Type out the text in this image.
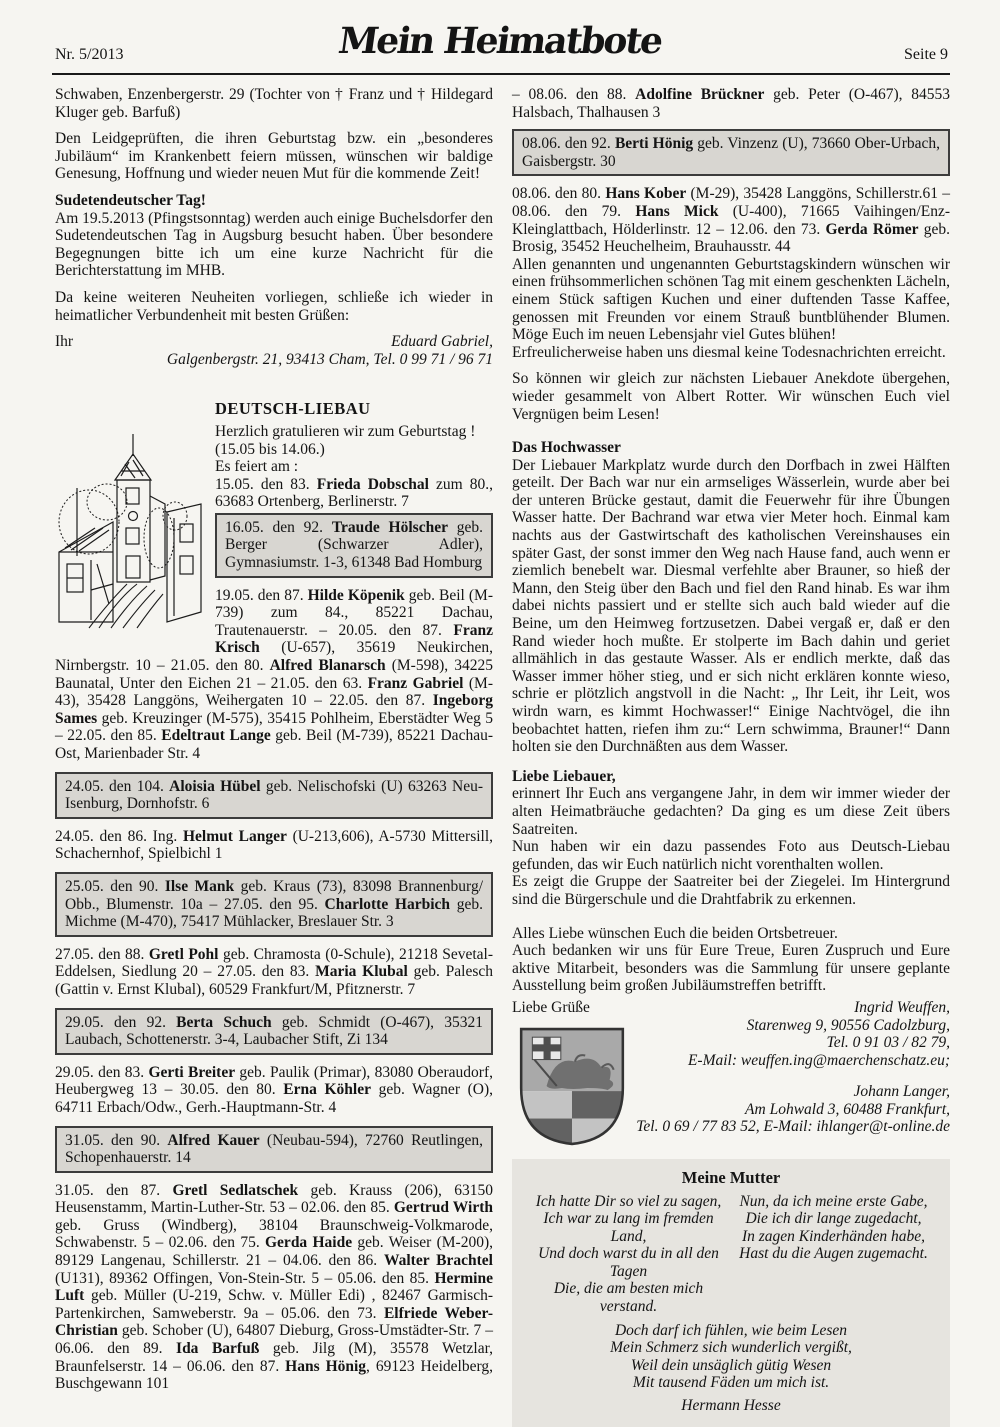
Nr. 5/2013	Mein Heimatbote	Seite 9

Schwaben, Enzenbergerstr. 29 (Tochter von † Franz und † Hildegard Kluger geb. Barfuß)

Den Leidgeprüften, die ihren Geburtstag bzw. ein „besonderes Jubiläum“ im Krankenbett feiern müssen, wünschen wir baldige Genesung, Hoffnung und wieder neuen Mut für die kommende Zeit!

Sudetendeutscher Tag!

Am 19.5.2013 (Pfingstsonntag) werden auch einige Buchelsdorfer den Sudetendeutschen Tag in Augsburg besucht haben. Über besondere Begegnungen bitte ich um eine kurze Nachricht für die Berichterstattung im MHB.

Da keine weiteren Neuheiten vorliegen, schließe ich wieder in heimatlicher Verbundenheit mit besten Grüßen:

Ihr	Eduard Gabriel,
Galgenbergstr. 21, 93413 Cham, Tel. 0 99 71 / 96 71
DEUTSCH-LIEBAU
Herzlich gratulieren wir zum Geburtstag !
(15.05 bis 14.06.)
Es feiert am :

15.05. den 83. Frieda Dobschal zum 80., 63683 Ortenberg, Berlinerstr. 7

16.05. den 92. Traude Hölscher geb. Berger (Schwarzer Adler), Gymnasiumstr. 1-3, 61348 Bad Homburg

19.05. den 87. Hilde Köpenik geb. Beil (M-739) zum 84., 85221 Dachau, Trautenauerstr. – 20.05. den 87. Franz Krisch (U-657), 35619 Neukirchen, Nirnbergstr. 10 – 21.05. den 80. Alfred Blanarsch (M-598), 34225 Baunatal, Unter den Eichen 21 – 21.05. den 63. Franz Gabriel (M-43), 35428 Langgöns, Weihergaten 10 – 22.05. den 87. Ingeborg Sames geb. Kreuzinger (M-575), 35415 Pohlheim, Eberstädter Weg 5 – 22.05. den 85. Edeltraut Lange geb. Beil (M-739), 85221 Dachau-Ost, Marienbader Str. 4

24.05. den 104. Aloisia Hübel geb. Nelischofski (U) 63263 Neu-Isenburg, Dornhofstr. 6

24.05. den 86. Ing. Helmut Langer (U-213,606), A-5730 Mittersill, Schachernhof, Spielbichl 1

25.05. den 90. Ilse Mank geb. Kraus (73), 83098 Brannenburg/ Obb., Blumenstr. 10a – 27.05. den 95. Charlotte Harbich geb. Michme (M-470), 75417 Mühlacker, Breslauer Str. 3

27.05. den 88. Gretl Pohl geb. Chramosta (0-Schule), 21218 Sevetal-Eddelsen, Siedlung 20 – 27.05. den 83. Maria Klubal geb. Palesch (Gattin v. Ernst Klubal), 60529 Frankfurt/M, Pfitznerstr. 7

29.05. den 92. Berta Schuch geb. Schmidt (O-467), 35321 Laubach, Schottenerstr. 3-4, Laubacher Stift, Zi 134

29.05. den 83. Gerti Breiter geb. Paulik (Primar), 83080 Oberaudorf, Heubergweg 13 – 30.05. den 80. Erna Köhler geb. Wagner (O), 64711 Erbach/Odw., Gerh.-Hauptmann-Str. 4

31.05. den 90. Alfred Kauer (Neubau-594), 72760 Reutlingen, Schopenhauerstr. 14

31.05. den 87. Gretl Sedlatschek geb. Krauss (206), 63150 Heusenstamm, Martin-Luther-Str. 53 – 02.06. den 85. Gertrud Wirth geb. Gruss (Windberg), 38104 Braunschweig-Volkmarode, Schwabenstr. 5 – 02.06. den 75. Gerda Haide geb. Weiser (M-200), 89129 Langenau, Schillerstr. 21 – 04.06. den 86. Walter Brachtel (U131), 89362 Offingen, Von-Stein-Str. 5 – 05.06. den 85. Hermine Luft geb. Müller (U-219, Schw. v. Müller Edi) , 82467 Garmisch-Partenkirchen, Samweberstr. 9a – 05.06. den 73. Elfriede Weber-Christian geb. Schober (U), 64807 Dieburg, Gross-Umstädter-Str. 7 – 06.06. den 89. Ida Barfuß geb. Jilg (M), 35578 Wetzlar, Braunfelserstr. 14 – 06.06. den 87. Hans Hönig, 69123 Heidelberg, Buschgewann 101

– 08.06. den 88. Adolfine Brückner geb. Peter (O-467), 84553 Halsbach, Thalhausen 3

08.06. den 92. Berti Hönig geb. Vinzenz (U), 73660 Ober-Urbach, Gaisbergstr. 30

08.06. den 80. Hans Kober (M-29), 35428 Langgöns, Schillerstr.61 – 08.06. den 79. Hans Mick (U-400), 71665 Vaihingen/Enz-Kleinglattbach, Hölderlinstr. 12 – 12.06. den 73. Gerda Römer geb. Brosig, 35452 Heuchelheim, Brauhausstr. 44

Allen genannten und ungenannten Geburtstagskindern wünschen wir einen frühsommerlichen schönen Tag mit einem geschenkten Lächeln, einem Stück saftigen Kuchen und einer duftenden Tasse Kaffee, genossen mit Freunden vor einem Strauß buntblühender Blumen. Möge Euch im neuen Lebensjahr viel Gutes blühen!

Erfreulicherweise haben uns diesmal keine Todesnachrichten erreicht.

So können wir gleich zur nächsten Liebauer Anekdote übergehen, wieder gesammelt von Albert Rotter. Wir wünschen Euch viel Vergnügen beim Lesen!

Das Hochwasser

Der Liebauer Markplatz wurde durch den Dorfbach in zwei Hälften geteilt. Der Bach war nur ein armseliges Wässerlein, wurde aber bei der unteren Brücke gestaut, damit die Feuerwehr für ihre Übungen Wasser hatte. Der Bachrand war etwa vier Meter hoch. Einmal kam nachts aus der Gastwirtschaft des katholischen Vereinshauses ein später Gast, der sonst immer den Weg nach Hause fand, auch wenn er ziemlich benebelt war. Diesmal verfehlte aber Brauner, so hieß der Mann, den Steig über den Bach und fiel den Rand hinab. Es war ihm dabei nichts passiert und er stellte sich auch bald wieder auf die Beine, um den Heimweg fortzusetzen. Dabei vergaß er, daß er den Rand wieder hoch mußte. Er stolperte im Bach dahin und geriet allmählich in das gestaute Wasser. Als er endlich merkte, daß das Wasser immer höher stieg, und er sich nicht erklären konnte wieso, schrie er plötzlich angstvoll in die Nacht: „ Ihr Leit, ihr Leit, wos wirdn warn, es kimmt Hochwasser!“ Einige Nachtvögel, die ihn beobachtet hatten, riefen ihm zu:“ Lern schwimma, Brauner!“ Dann holten sie den Durchnäßten aus dem Wasser.

Liebe Liebauer,

erinnert Ihr Euch ans vergangene Jahr, in dem wir immer wieder der alten Heimatbräuche gedachten? Da ging es um diese Zeit übers Saatreiten.

Nun haben wir ein dazu passendes Foto aus Deutsch-Liebau gefunden, das wir Euch natürlich nicht vorenthalten wollen.

Es zeigt die Gruppe der Saatreiter bei der Ziegelei. Im Hintergrund sind die Bürgerschule und die Drahtfabrik zu erkennen.

Alles Liebe wünschen Euch die beiden Ortsbetreuer.

Auch bedanken wir uns für Eure Treue, Euren Zuspruch und Eure aktive Mitarbeit, besonders was die Sammlung für unsere geplante Ausstellung beim großen Jubiläumstreffen betrifft.

Liebe Grüße	Ingrid Weuffen,
Starenweg 9, 90556 Cadolzburg,
Tel. 0 91 03 / 82 79,
E-Mail: weuffen.ing@maerchenschatz.eu;
Johann Langer,
Am Lohwald 3, 60488 Frankfurt,
Tel. 0 69 / 77 83 52, E-Mail: ihlanger@t-online.de
Meine Mutter
Ich hatte Dir so viel zu sagen,
Ich war zu lang im fremden Land,
Und doch warst du in all den Tagen
Die, die am besten mich verstand.
Nun, da ich meine erste Gabe,
Die ich dir lange zugedacht,
In zagen Kinderhänden habe,
Hast du die Augen zugemacht.
Doch darf ich fühlen, wie beim Lesen
Mein Schmerz sich wunderlich vergißt,
Weil dein unsäglich gütig Wesen
Mit tausend Fäden um mich ist.
Hermann Hesse
